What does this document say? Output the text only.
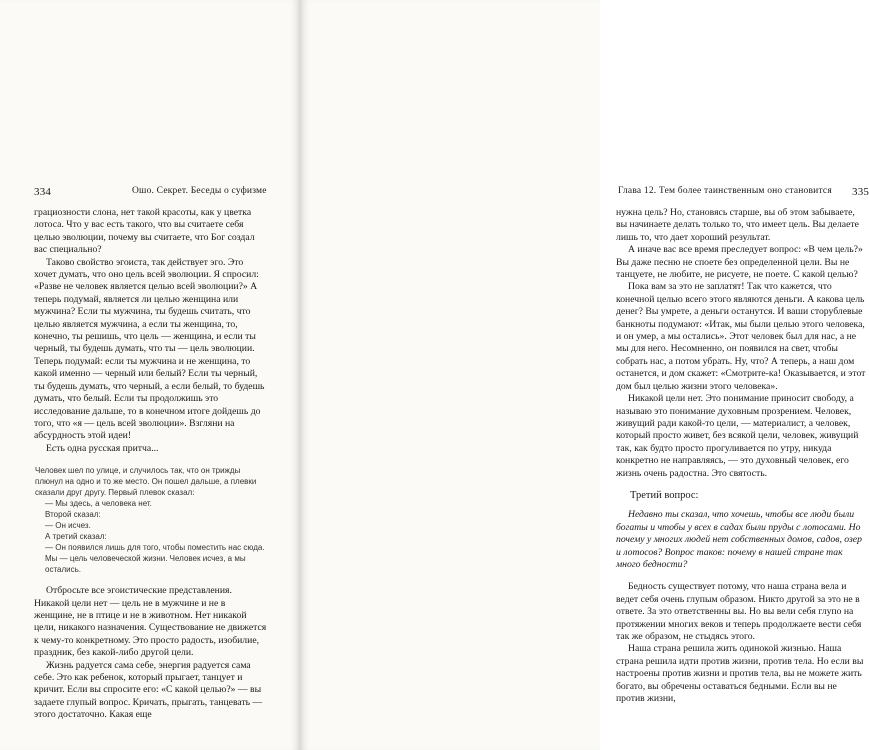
334	Ошо. Секрет. Беседы о суфизме

грациозности слона, нет такой красоты, как у цветка лотоса. Что у вас есть такого, что вы считаете себя целью эволюции, почему вы считаете, что Бог создал вас специально?

Таково свойство эгоиста, так действует эго. Это хочет думать, что оно цель всей эволюции. Я спросил: «Разве не человек является целью всей эволюции?» А теперь подумай, является ли целью женщина или мужчина? Если ты мужчина, ты будешь считать, что целью является мужчина, а если ты женщина, то, конечно, ты решишь, что цель — женщина, и если ты черный, ты будешь думать, что ты — цель эволюции. Теперь подумай: если ты мужчина и не женщина, то какой именно — черный или белый? Если ты черный, ты будешь думать, что черный, а если белый, то будешь думать, что белый. Если ты продолжишь это исследование дальше, то в конечном итоге дойдешь до того, что «я — цель всей эволюции». Взгляни на абсурдность этой идеи!

Есть одна русская притча...

Человек шел по улице, и случилось так, что он трижды плюнул на одно и то же место. Он пошел дальше, а плевки сказали друг другу. Первый плевок сказал:

— Мы здесь, а человека нет.

Второй сказал:

— Он исчез.

А третий сказал:

— Он появился лишь для того, чтобы поместить нас сюда. Мы — цель человеческой жизни. Человек исчез, а мы остались.

Отбросьте все эгоистические представления. Никакой цели нет — цель не в мужчине и не в женщине, не в птице и не в животном. Нет никакой цели, никакого назначения. Существование не движется к чему-то конкретному. Это просто радость, изобилие, праздник, без какой-либо другой цели.

Жизнь радуется сама себе, энергия радуется сама себе. Это как ребенок, который прыгает, танцует и кричит. Если вы спросите его: «С какой целью?» — вы задаете глупый вопрос. Кричать, прыгать, танцевать — этого достаточно. Какая еще

Глава 12. Тем более таинственным оно становится 335

нужна цель? Но, становясь старше, вы об этом забываете, вы начинаете делать только то, что имеет цель. Вы делаете лишь то, что дает хороший результат.

А иначе вас все время преследует вопрос: «В чем цель?» Вы даже песню не споете без определенной цели. Вы не танцуете, не любите, не рисуете, не поете. С какой целью?

Пока вам за это не заплатят! Так что кажется, что конечной целью всего этого являются деньги. А какова цель денег? Вы умрете, а деньги останутся. И ваши сторублевые банкноты подумают: «Итак, мы были целью этого человека, и он умер, а мы остались». Этот человек был для нас, а не мы для него. Несомненно, он появился на свет, чтобы собрать нас, а потом убрать. Ну, что? А теперь, а наш дом останется, и дом скажет: «Смотрите-ка! Оказывается, и этот дом был целью жизни этого человека».

Никакой цели нет. Это понимание приносит свободу, а называю это понимание духовным прозрением. Человек, живущий ради какой-то цели, — материалист, а человек, который просто живет, без всякой цели, человек, живущий так, как будто просто прогуливается по утру, никуда конкретно не направляясь, — это духовный человек, его жизнь очень радостна. Это святость.

Третий вопрос:

Недавно ты сказал, что хочешь, чтобы все люди были богаты и чтобы у всех в садах были пруды с лотосами. Но почему у многих людей нет собственных домов, садов, озер и лотосов? Вопрос таков: почему в нашей стране так много бедности?

Бедность существует потому, что наша страна вела и ведет себя очень глупым образом. Никто другой за это не в ответе. За это ответственны вы. Но вы вели себя глупо на протяжении многих веков и теперь продолжаете вести себя так же образом, не стыдясь этого.

Наша страна решила жить одинокой жизнью. Наша страна решила идти против жизни, против тела. Но если вы настроены против жизни и против тела, вы не можете жить богато, вы обречены оставаться бедными. Если вы не против жизни,
